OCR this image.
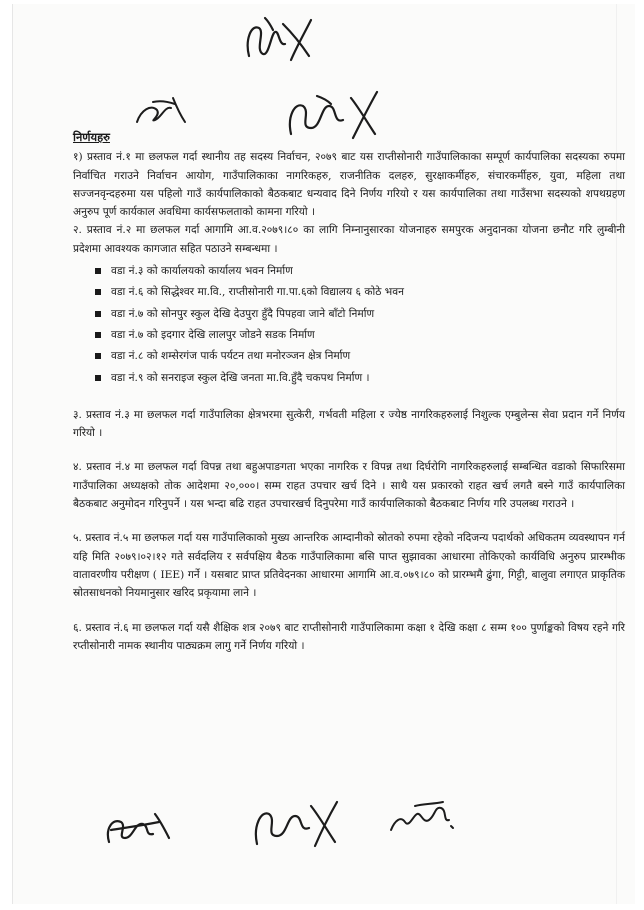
निर्णयहरु

१) प्रस्ताव नं.१ मा छलफल गर्दा स्थानीय तह सदस्य निर्वाचन, २०७९ बाट यस राप्तीसोनारी गाउँपालिकाका सम्पूर्ण कार्यपालिका सदस्यका रुपमा निर्वाचित गराउने निर्वाचन आयोग, गाउँपालिकाका नागरिकहरु, राजनीतिक दलहरु, सुरक्षाकर्मीहरु, संचारकर्मीहरु, युवा, महिला तथा सज्जनवृन्दहरुमा यस पहिलो गाउँ कार्यपालिकाको बैठकबाट धन्यवाद दिने निर्णय गरियो र यस कार्यपालिका तथा गाउँसभा सदस्यको शपथग्रहण अनुरुप पूर्ण कार्यकाल अवधिमा कार्यसफलताको कामना गरियो ।

२. प्रस्ताव नं.२ मा छलफल गर्दा आगामि आ.व.२०७९।८० का लागि निम्नानुसारका योजनाहरु समपुरक अनुदानका योजना छनौट गरि लुम्बीनी प्रदेशमा आवश्यक कागजात सहित पठाउने सम्बन्धमा ।

वडा नं.३ को कार्यालयको कार्यालय भवन निर्माण
वडा नं.६ को सिद्धेश्वर मा.वि., राप्तीसोनारी गा.पा.६को विद्यालय ६ कोठे भवन
वडा नं.७ को सोनपुर स्कुल देखि देउपुरा हुँदै पिपहवा जाने बाँटो निर्माण
वडा नं.७ को इदगार देखि लालपुर जोडने सडक निर्माण
वडा नं.८ को शम्सेरगंज पार्क पर्यटन तथा मनोरञ्जन क्षेत्र निर्माण
वडा नं.९ को सनराइज स्कुल देखि जनता मा.वि.हुँदै चकपथ निर्माण ।

३. प्रस्ताव नं.३ मा छलफल गर्दा गाउँपालिका क्षेत्रभरमा सुत्केरी, गर्भवती महिला र ज्येष्ठ नागरिकहरुलाई निशुल्क एम्बुलेन्स सेवा प्रदान गर्ने निर्णय गरियो ।

४. प्रस्ताव नं.४ मा छलफल गर्दा विपन्न तथा बहुअपाङगता भएका नागरिक र विपन्न तथा दिर्घरोगि नागरिकहरुलाई सम्बन्धित वडाको सिफारिसमा गाउँपालिका अध्यक्षको तोक आदेशमा २०,०००। सम्म राहत उपचार खर्च दिने । साथै यस प्रकारको राहत खर्च लगतै बस्ने गाउँ कार्यपालिका बैठकबाट अनुमोदन गरिनुपर्ने । यस भन्दा बढि राहत उपचारखर्च दिनुपरेमा गाउँ कार्यपालिकाको बैठकबाट निर्णय गरि उपलब्ध गराउने ।

५. प्रस्ताव नं.५ मा छलफल गर्दा यस गाउँपालिकाको मुख्य आन्तरिक आम्दानीको स्रोतको रुपमा रहेको नदिजन्य पदार्थको अधिकतम व्यवस्थापन गर्न यहि मिति २०७९।०२।१२ गते सर्वदलिय र सर्वपक्षिय बैठक गाउँपालिकामा बसि पाप्त सुझावका आधारमा तोकिएको कार्यविधि अनुरुप प्रारम्भीक वातावरणीय परीक्षण ( IEE) गर्ने । यसबाट प्राप्त प्रतिवेदनका आधारमा आगामि आ.व.०७९।८० को प्रारम्भमै ढुंगा, गिट्टी, बालुवा लगाएत प्राकृतिक स्रोतसाधनको नियमानुसार खरिद प्रकृयामा लाने ।

६. प्रस्ताव नं.६ मा छलफल गर्दा यसै शैक्षिक शत्र २०७९ बाट राप्तीसोनारी गाउँपालिकामा कक्षा १ देखि कक्षा ८ सम्म १०० पुर्णाङ्कको विषय रहने गरि रप्तीसोनारी नामक स्थानीय पाठ्यक्रम लागु गर्ने निर्णय गरियो ।
